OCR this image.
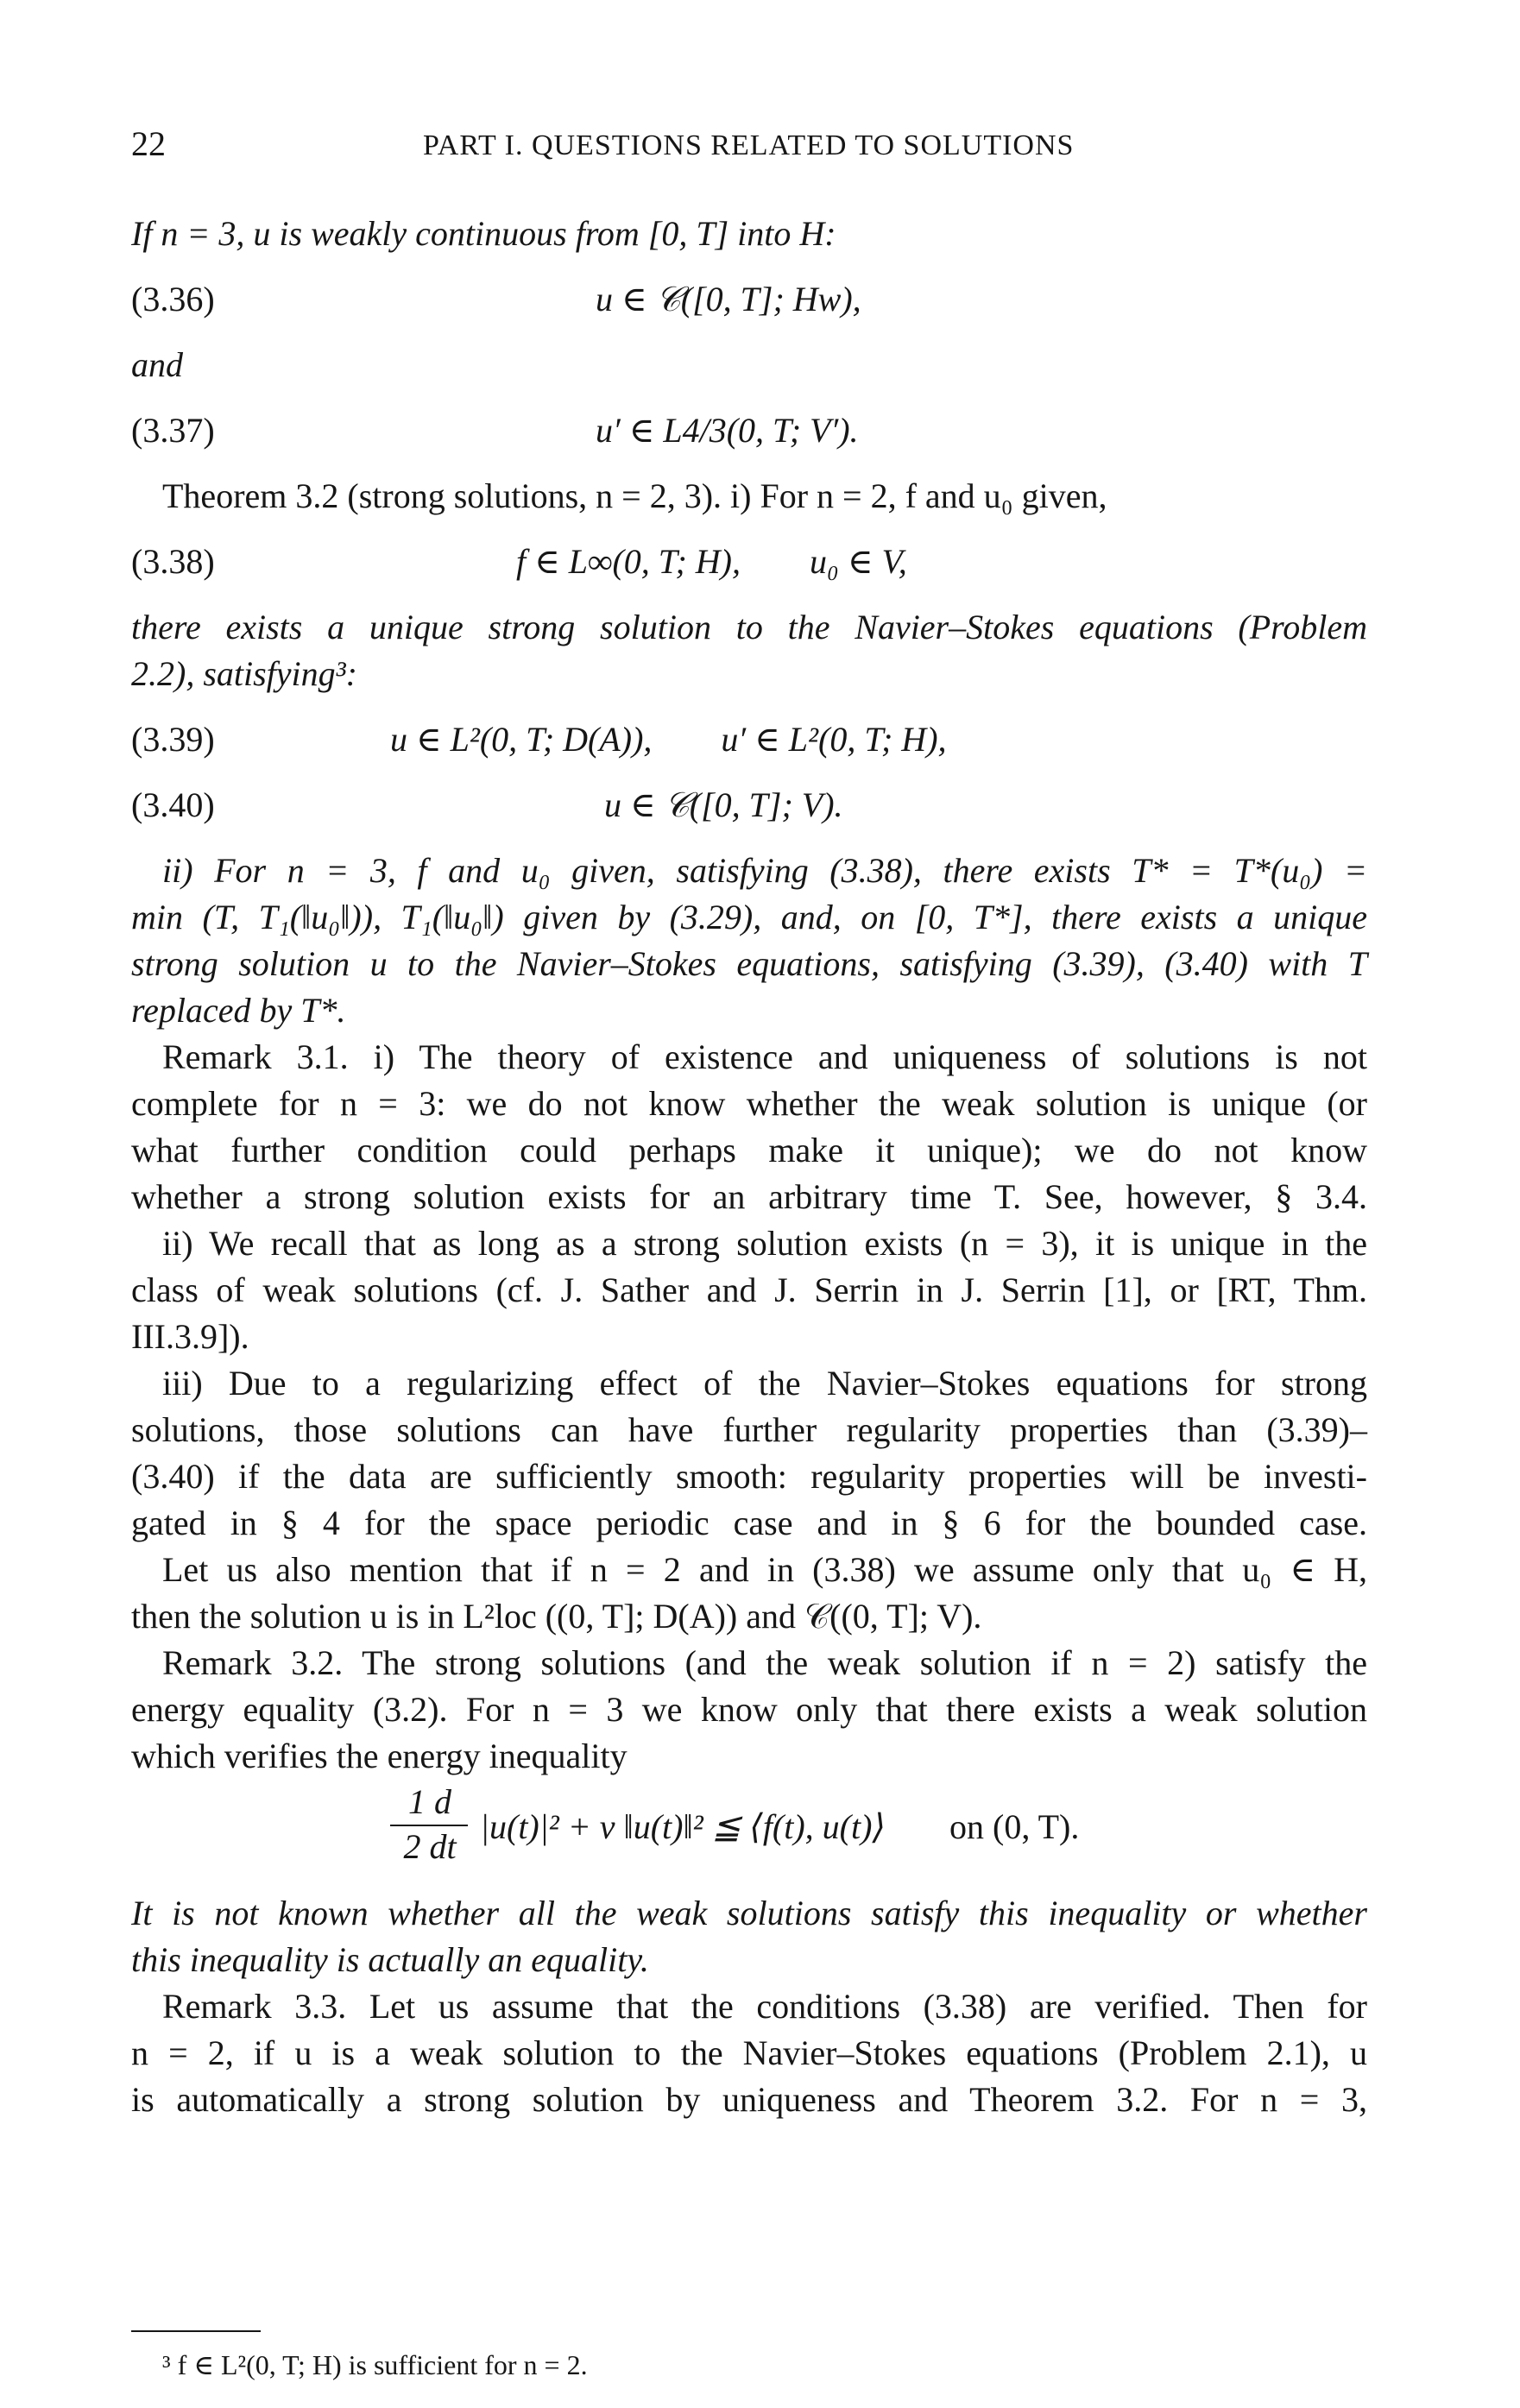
22	PART I. QUESTIONS RELATED TO SOLUTIONS
If n = 3, u is weakly continuous from [0, T] into H:
(3.36)	u ∈ 𝒞([0, T]; Hw),
and
(3.37)	u′ ∈ L4/3(0, T; V′).
Theorem 3.2 (strong solutions, n = 2, 3). i) For n = 2, f and u₀ given,
(3.38)	f ∈ L∞(0, T; H),        u₀ ∈ V,
there exists a unique strong solution to the Navier–Stokes equations (Problem
2.2), satisfying³:
(3.39)	u ∈ L²(0, T; D(A)),        u′ ∈ L²(0, T; H),
(3.40)	u ∈ 𝒞([0, T]; V).
ii) For n = 3, f and u₀ given, satisfying (3.38), there exists T* = T*(u₀) =
min (T, T₁(‖u₀‖)), T₁(‖u₀‖) given by (3.29), and, on [0, T*], there exists a unique
strong solution u to the Navier–Stokes equations, satisfying (3.39), (3.40) with T
replaced by T*.
Remark 3.1. i) The theory of existence and uniqueness of solutions is not
complete for n = 3: we do not know whether the weak solution is unique (or
what further condition could perhaps make it unique); we do not know
whether a strong solution exists for an arbitrary time T. See, however, § 3.4.
ii) We recall that as long as a strong solution exists (n = 3), it is unique in the
class of weak solutions (cf. J. Sather and J. Serrin in J. Serrin [1], or [RT, Thm.
III.3.9]).
iii) Due to a regularizing effect of the Navier–Stokes equations for strong
solutions, those solutions can have further regularity properties than (3.39)–
(3.40) if the data are sufficiently smooth: regularity properties will be investi-
gated in § 4 for the space periodic case and in § 6 for the bounded case.
Let us also mention that if n = 2 and in (3.38) we assume only that u₀ ∈ H,
then the solution u is in L²loc ((0, T]; D(A)) and 𝒞((0, T]; V).
Remark 3.2. The strong solutions (and the weak solution if n = 2) satisfy the
energy equality (3.2). For n = 3 we know only that there exists a weak solution
which verifies the energy inequality
1 d
2 dt
|u(t)|² + ν ‖u(t)‖² ≦ ⟨f(t), u(t)⟩ on (0, T).
It is not known whether all the weak solutions satisfy this inequality or whether
this inequality is actually an equality.
Remark 3.3. Let us assume that the conditions (3.38) are verified. Then for
n = 2, if u is a weak solution to the Navier–Stokes equations (Problem 2.1), u
is automatically a strong solution by uniqueness and Theorem 3.2. For n = 3,
³ f ∈ L²(0, T; H) is sufficient for n = 2.
